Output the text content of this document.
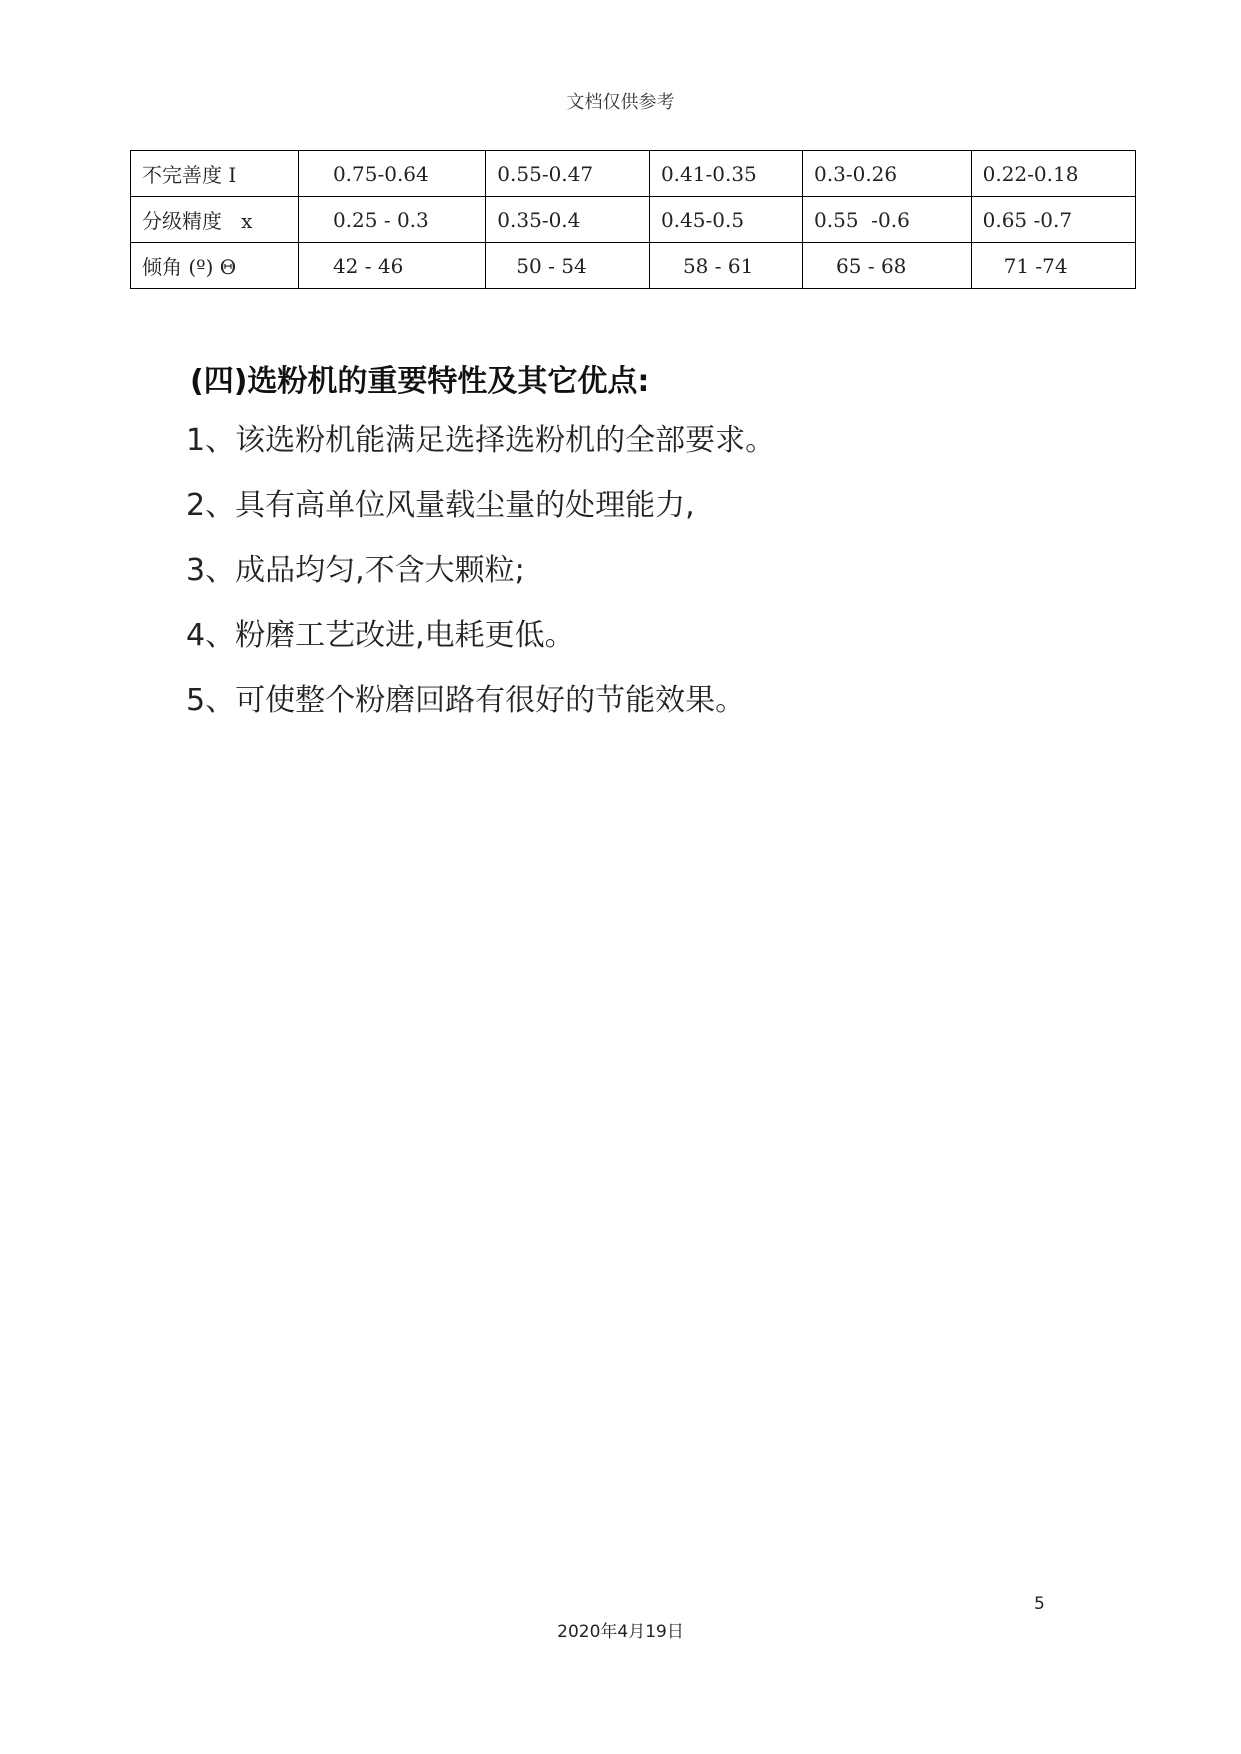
文档仅供参考
不完善度 I	0.75-0.64	0.55-0.47	0.41-0.35	0.3-0.26	0.22-0.18
分级精度   x	0.25 - 0.3	0.35-0.4	0.45-0.5	0.55  -0.6	0.65 -0.7
倾角 (º) Θ	42 - 46	50 - 54	58 - 61	65 - 68	71 -74
(四)选粉机的重要特性及其它优点:
1、该选粉机能满足选择选粉机的全部要求。
2、具有高单位风量载尘量的处理能力,
3、成品均匀,不含大颗粒;
4、粉磨工艺改进,电耗更低。
5、可使整个粉磨回路有很好的节能效果。
5
2020年4月19日
